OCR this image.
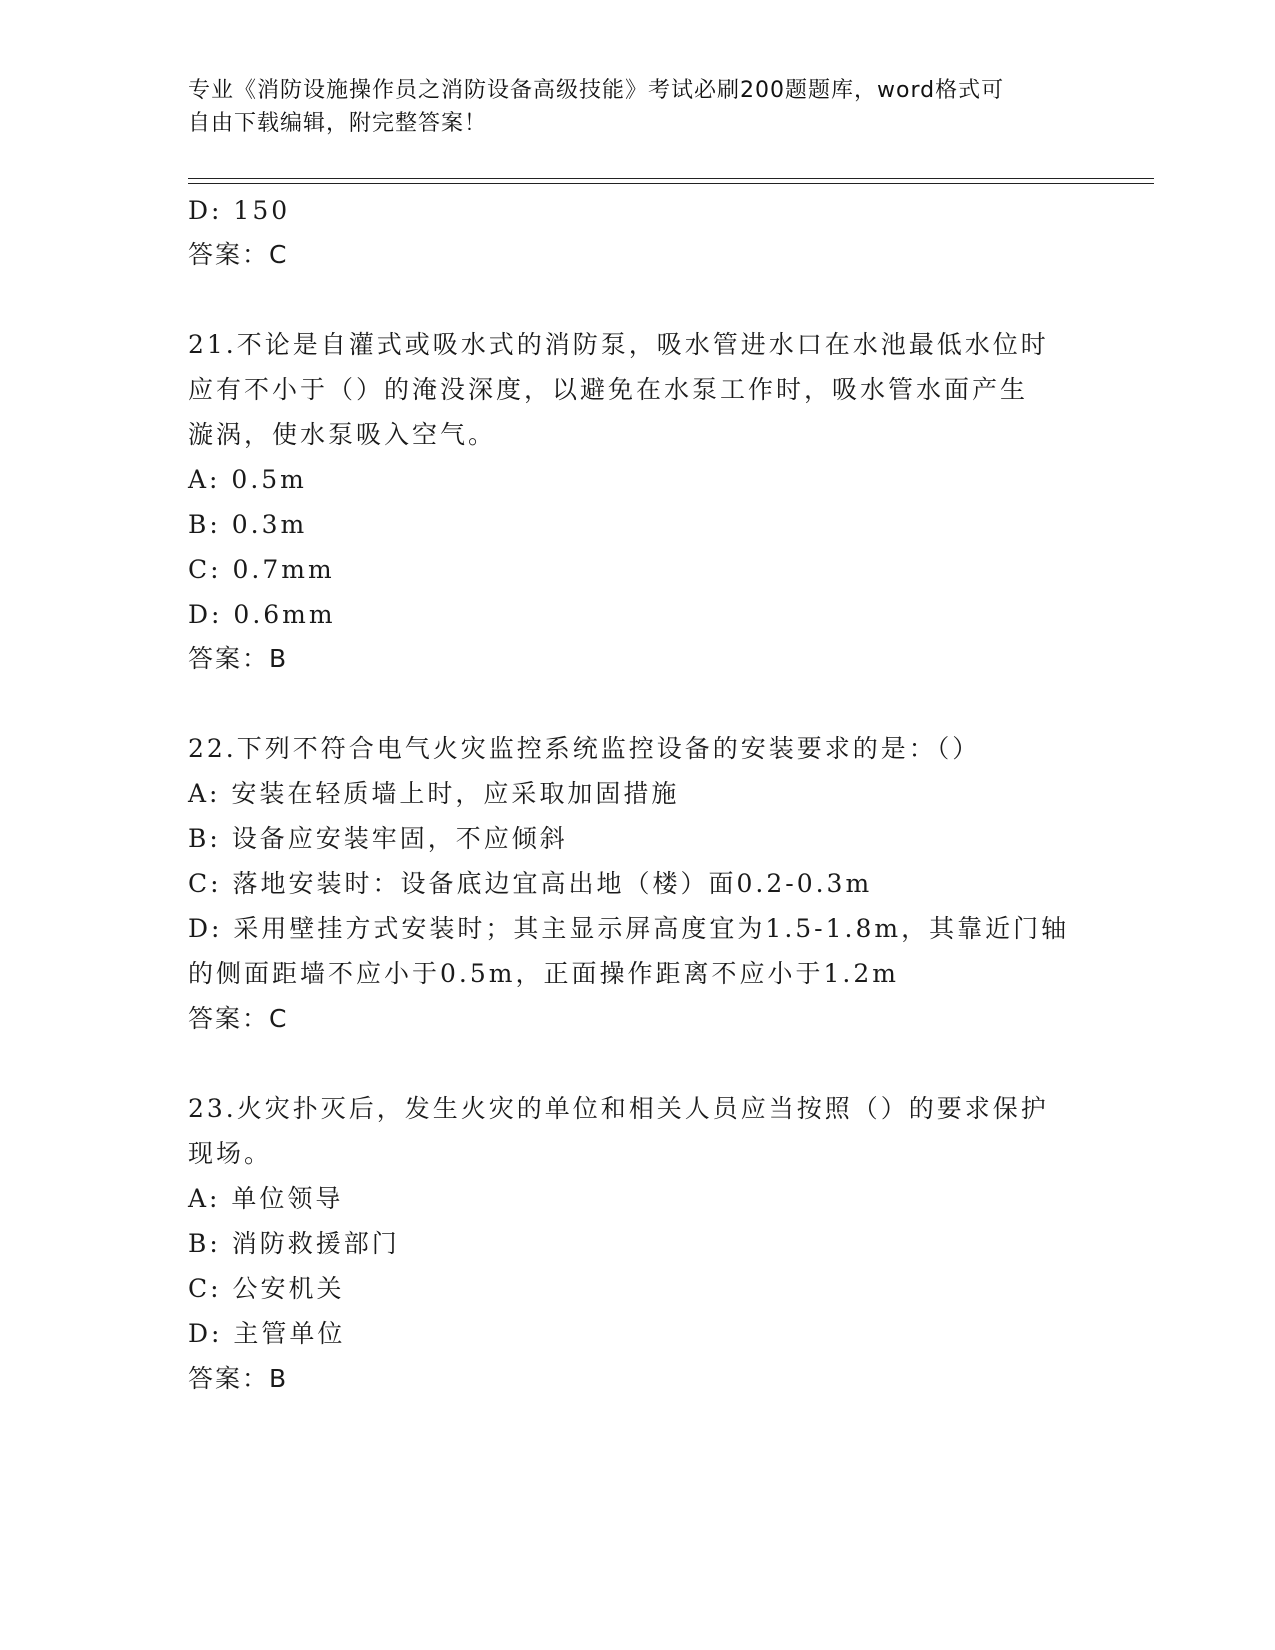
专业《消防设施操作员之消防设备高级技能》考试必刷200题题库，word格式可
自由下载编辑，附完整答案！
D: 150
答案：C
21.不论是自灌式或吸水式的消防泵，吸水管进水口在水池最低水位时
应有不小于（）的淹没深度，以避免在水泵工作时，吸水管水面产生
漩涡，使水泵吸入空气。
A: 0.5m
B: 0.3m
C: 0.7mm
D: 0.6mm
答案：B
22.下列不符合电气火灾监控系统监控设备的安装要求的是：（）
A: 安装在轻质墙上时，应采取加固措施
B: 设备应安装牢固，不应倾斜
C: 落地安装时：设备底边宜高出地（楼）面0.2-0.3m
D: 采用壁挂方式安装时；其主显示屏高度宜为1.5-1.8m，其靠近门轴
的侧面距墙不应小于0.5m，正面操作距离不应小于1.2m
答案：C
23.火灾扑灭后，发生火灾的单位和相关人员应当按照（）的要求保护
现场。
A: 单位领导
B: 消防救援部门
C: 公安机关
D: 主管单位
答案：B
